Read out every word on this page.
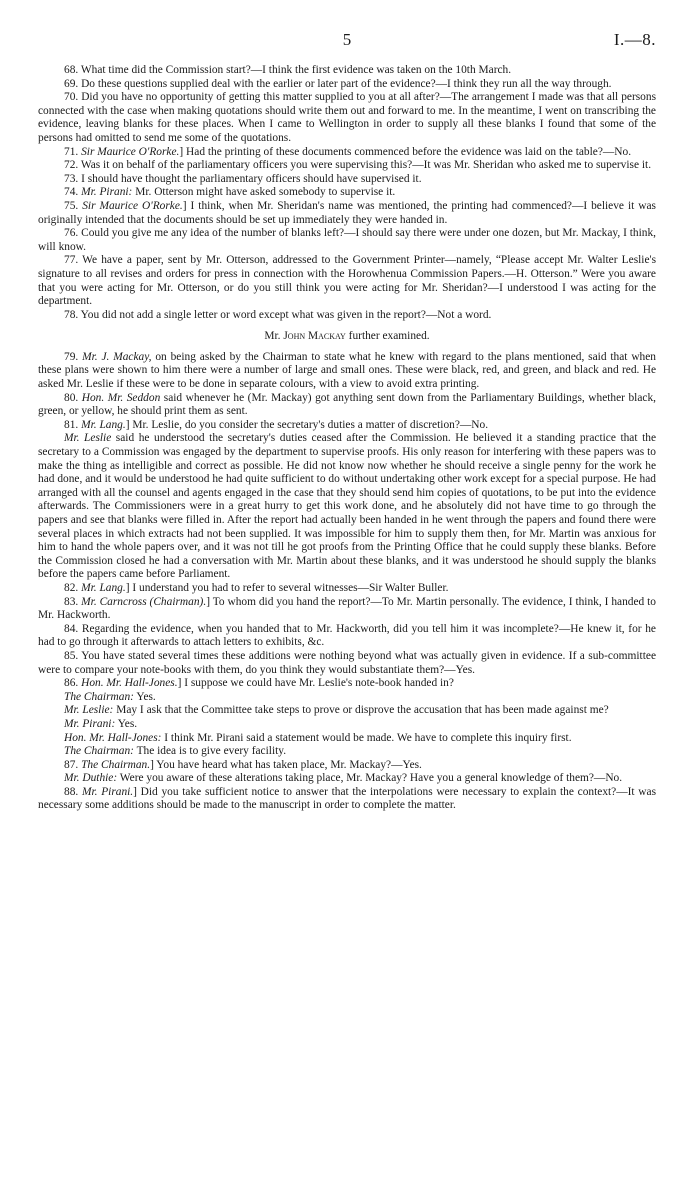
5	I.—8.

68. What time did the Commission start?—I think the first evidence was taken on the 10th March.

69. Do these questions supplied deal with the earlier or later part of the evidence?—I think they run all the way through.

70. Did you have no opportunity of getting this matter supplied to you at all after?—The arrangement I made was that all persons connected with the case when making quotations should write them out and forward to me. In the meantime, I went on transcribing the evidence, leaving blanks for these places. When I came to Wellington in order to supply all these blanks I found that some of the persons had omitted to send me some of the quotations.

71. Sir Maurice O'Rorke.] Had the printing of these documents commenced before the evidence was laid on the table?—No.

72. Was it on behalf of the parliamentary officers you were supervising this?—It was Mr. Sheridan who asked me to supervise it.

73. I should have thought the parliamentary officers should have supervised it.

74. Mr. Pirani: Mr. Otterson might have asked somebody to supervise it.

75. Sir Maurice O'Rorke.] I think, when Mr. Sheridan's name was mentioned, the printing had commenced?—I believe it was originally intended that the documents should be set up immediately they were handed in.

76. Could you give me any idea of the number of blanks left?—I should say there were under one dozen, but Mr. Mackay, I think, will know.

77. We have a paper, sent by Mr. Otterson, addressed to the Government Printer—namely, “Please accept Mr. Walter Leslie's signature to all revises and orders for press in connection with the Horowhenua Commission Papers.—H. Otterson.” Were you aware that you were acting for Mr. Otterson, or do you still think you were acting for Mr. Sheridan?—I understood I was acting for the department.

78. You did not add a single letter or word except what was given in the report?—Not a word.

Mr. John Mackay further examined.

79. Mr. J. Mackay, on being asked by the Chairman to state what he knew with regard to the plans mentioned, said that when these plans were shown to him there were a number of large and small ones. These were black, red, and green, and black and red. He asked Mr. Leslie if these were to be done in separate colours, with a view to avoid extra printing.

80. Hon. Mr. Seddon said whenever he (Mr. Mackay) got anything sent down from the Parliamentary Buildings, whether black, green, or yellow, he should print them as sent.

81. Mr. Lang.] Mr. Leslie, do you consider the secretary's duties a matter of discretion?—No.

Mr. Leslie said he understood the secretary's duties ceased after the Commission. He believed it a standing practice that the secretary to a Commission was engaged by the department to supervise proofs. His only reason for interfering with these papers was to make the thing as intelligible and correct as possible. He did not know now whether he should receive a single penny for the work he had done, and it would be understood he had quite sufficient to do without undertaking other work except for a special purpose. He had arranged with all the counsel and agents engaged in the case that they should send him copies of quotations, to be put into the evidence afterwards. The Commissioners were in a great hurry to get this work done, and he absolutely did not have time to go through the papers and see that blanks were filled in. After the report had actually been handed in he went through the papers and found there were several places in which extracts had not been supplied. It was impossible for him to supply them then, for Mr. Martin was anxious for him to hand the whole papers over, and it was not till he got proofs from the Printing Office that he could supply these blanks. Before the Commission closed he had a conversation with Mr. Martin about these blanks, and it was understood he should supply the blanks before the papers came before Parliament.

82. Mr. Lang.] I understand you had to refer to several witnesses—Sir Walter Buller.

83. Mr. Carncross (Chairman).] To whom did you hand the report?—To Mr. Martin personally. The evidence, I think, I handed to Mr. Hackworth.

84. Regarding the evidence, when you handed that to Mr. Hackworth, did you tell him it was incomplete?—He knew it, for he had to go through it afterwards to attach letters to exhibits, &c.

85. You have stated several times these additions were nothing beyond what was actually given in evidence. If a sub-committee were to compare your note-books with them, do you think they would substantiate them?—Yes.

86. Hon. Mr. Hall-Jones.] I suppose we could have Mr. Leslie's note-book handed in?

The Chairman: Yes.

Mr. Leslie: May I ask that the Committee take steps to prove or disprove the accusation that has been made against me?

Mr. Pirani: Yes.

Hon. Mr. Hall-Jones: I think Mr. Pirani said a statement would be made. We have to complete this inquiry first.

The Chairman: The idea is to give every facility.

87. The Chairman.] You have heard what has taken place, Mr. Mackay?—Yes.

Mr. Duthie: Were you aware of these alterations taking place, Mr. Mackay? Have you a general knowledge of them?—No.

88. Mr. Pirani.] Did you take sufficient notice to answer that the interpolations were necessary to explain the context?—It was necessary some additions should be made to the manuscript in order to complete the matter.
